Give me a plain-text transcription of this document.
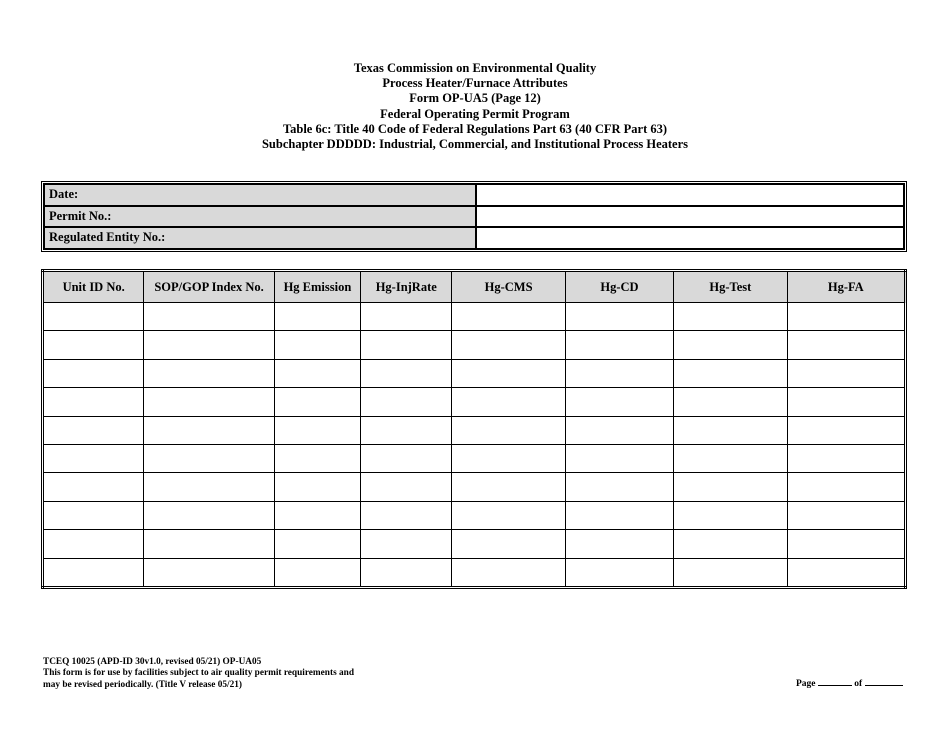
Texas Commission on Environmental Quality
Process Heater/Furnace Attributes
Form OP-UA5 (Page 12)
Federal Operating Permit Program
Table 6c: Title 40 Code of Federal Regulations Part 63 (40 CFR Part 63)
Subchapter DDDDD: Industrial, Commercial, and Institutional Process Heaters
Date:	
Permit No.:	
Regulated Entity No.:	
Unit ID No.	SOP/GOP Index No.	Hg Emission	Hg-InjRate	Hg-CMS	Hg-CD	Hg-Test	Hg-FA

TCEQ 10025 (APD-ID 30v1.0, revised 05/21) OP-UA05
This form is for use by facilities subject to air quality permit requirements and
may be revised periodically. (Title V release 05/21)	Page	of
